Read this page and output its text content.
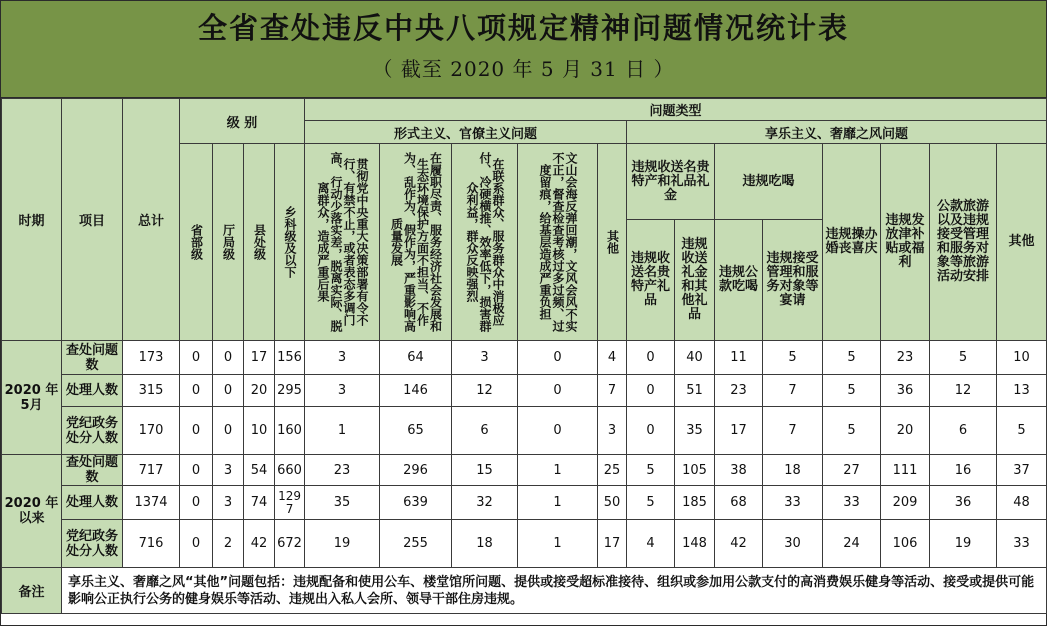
全省查处违反中央八项规定精神问题情况统计表
（ 截至 2020 年 5 月 31 日 ）
时期	项目	总计	级 别				问题类型												
							形式主义、官僚主义问题					享乐主义、奢靡之风问题							

			省部级	厅局级	县处级	乡科级及以下	贯彻党中央重大决策部署有令不行、有禁不止，或者表态多调门高、行动少落实差，脱离实际、脱离群众，造成严重后果	在履职尽责、服务经济社会发展和生态环境保护方面不担当、不作为、乱作为、假作为，严重影响高质量发展	在联系群众、服务群众中消极应付、冷硬横推、效率低下，损害群众利益，群众反映强烈	文山会海反弹回潮，文风会风不实不正，督查检查考核过多过频、过度留痕，给基层造成严重负担	其他	违规收送名贵特产和礼品礼金		违规吃喝		违规操办婚丧喜庆	违规发放津补贴或福利	公款旅游以及违规接受管理和服务对象等旅游活动安排	其他
												违规收送名贵特产礼品	违规收送礼金和其他礼品	违规公款吃喝	违规接受管理和服务对象等宴请				
2020 年 5月	查处问题数	173	0	0	17	156	3	64	3	0	4	0	40	11	5	5	23	5	10
	处理人数	315	0	0	20	295	3	146	12	0	7	0	51	23	7	5	36	12	13
	党纪政务处分人数	170	0	0	10	160	1	65	6	0	3	0	35	17	7	5	20	6	5
2020 年 以来	查处问题数	717	0	3	54	660	23	296	15	1	25	5	105	38	18	27	111	16	37
	处理人数	1374	0	3	74	1297	35	639	32	1	50	5	185	68	33	33	209	36	48
	党纪政务处分人数	716	0	2	42	672	19	255	18	1	17	4	148	42	30	24	106	19	33
备注	享乐主义、奢靡之风“其他”问题包括：违规配备和使用公车、楼堂馆所问题、提供或接受超标准接待、组织或参加用公款支付的高消费娱乐健身等活动、接受或提供可能影响公正执行公务的健身娱乐等活动、违规出入私人会所、领导干部住房违规。																		
